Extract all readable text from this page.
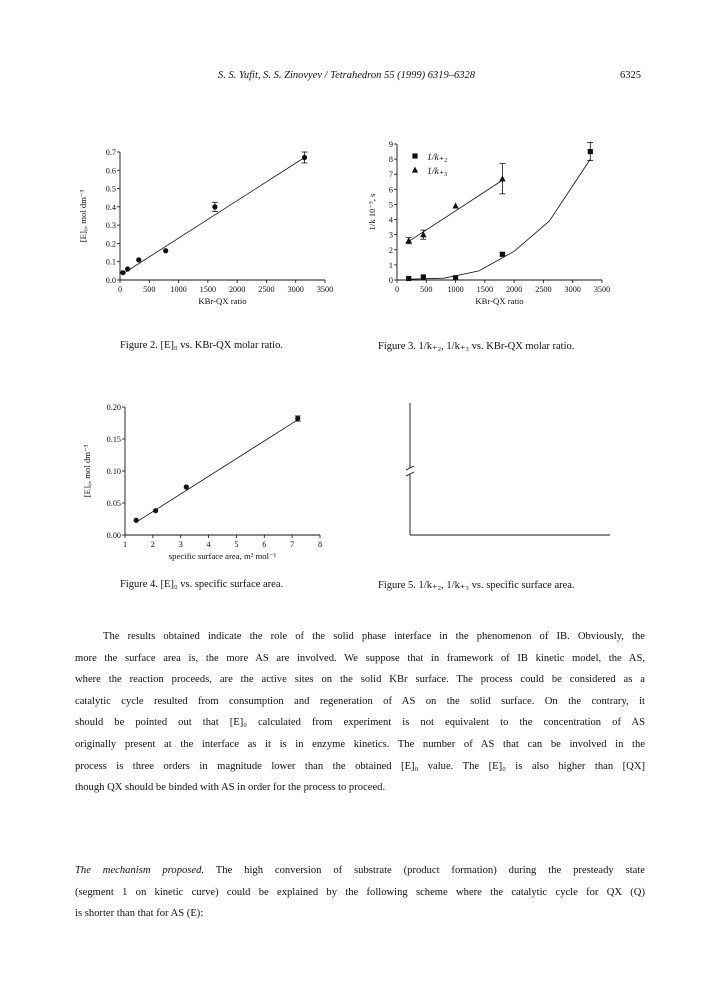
S. S. Yufit, S. S. Zinovyev / Tetrahedron 55 (1999) 6319–6328	6325
0	500 1000 1500 2000 2500 3000 3500
0.0
0.1
0.2
0.3
0.4
0.5
0.6
0.7
KBr-QX ratio
[E]₀, mol dm⁻³
Figure 2. [E]₀ vs. KBr-QX molar ratio.
0	500 1000 1500 2000 2500 3000 3500
0
1
2
3
4
5
6
7
8
9
KBr-QX ratio
1/k 10⁻³, s
1/k₊₂
1/k₊₃
Figure 3. 1/k₊₂, 1/k₊₃ vs. KBr-QX molar ratio.
1	2	3	4	5	6	7	8
0.00
0.05
0.10
0.15
0.20
specific surface area, m² mol⁻¹
[E]₀, mol dm⁻³
Figure 4. [E]₀ vs. specific surface area.	Figure 5. 1/k₊₂, 1/k₊₃ vs. specific surface area.
The results obtained indicate the role of the solid phase interface in the phenomenon of IB. Obviously, the
more the surface area is, the more AS are involved. We suppose that in framework of IB kinetic model, the AS,
where the reaction proceeds, are the active sites on the solid KBr surface. The process could be considered as a
catalytic cycle resulted from consumption and regeneration of AS on the solid surface. On the contrary, it
should be pointed out that [E]₀ calculated from experiment is not equivalent to the concentration of AS
originally present at the interface as it is in enzyme kinetics. The number of AS that can be involved in the
process is three orders in magnitude lower than the obtained [E]₀ value. The [E]₀ is also higher than [QX]
though QX should be binded with AS in order for the process to proceed.
The mechanism proposed. The high conversion of substrate (product formation) during the presteady state
(segment 1 on kinetic curve) could be explained by the following scheme where the catalytic cycle for QX (Q)
is shorter than that for AS (E):
